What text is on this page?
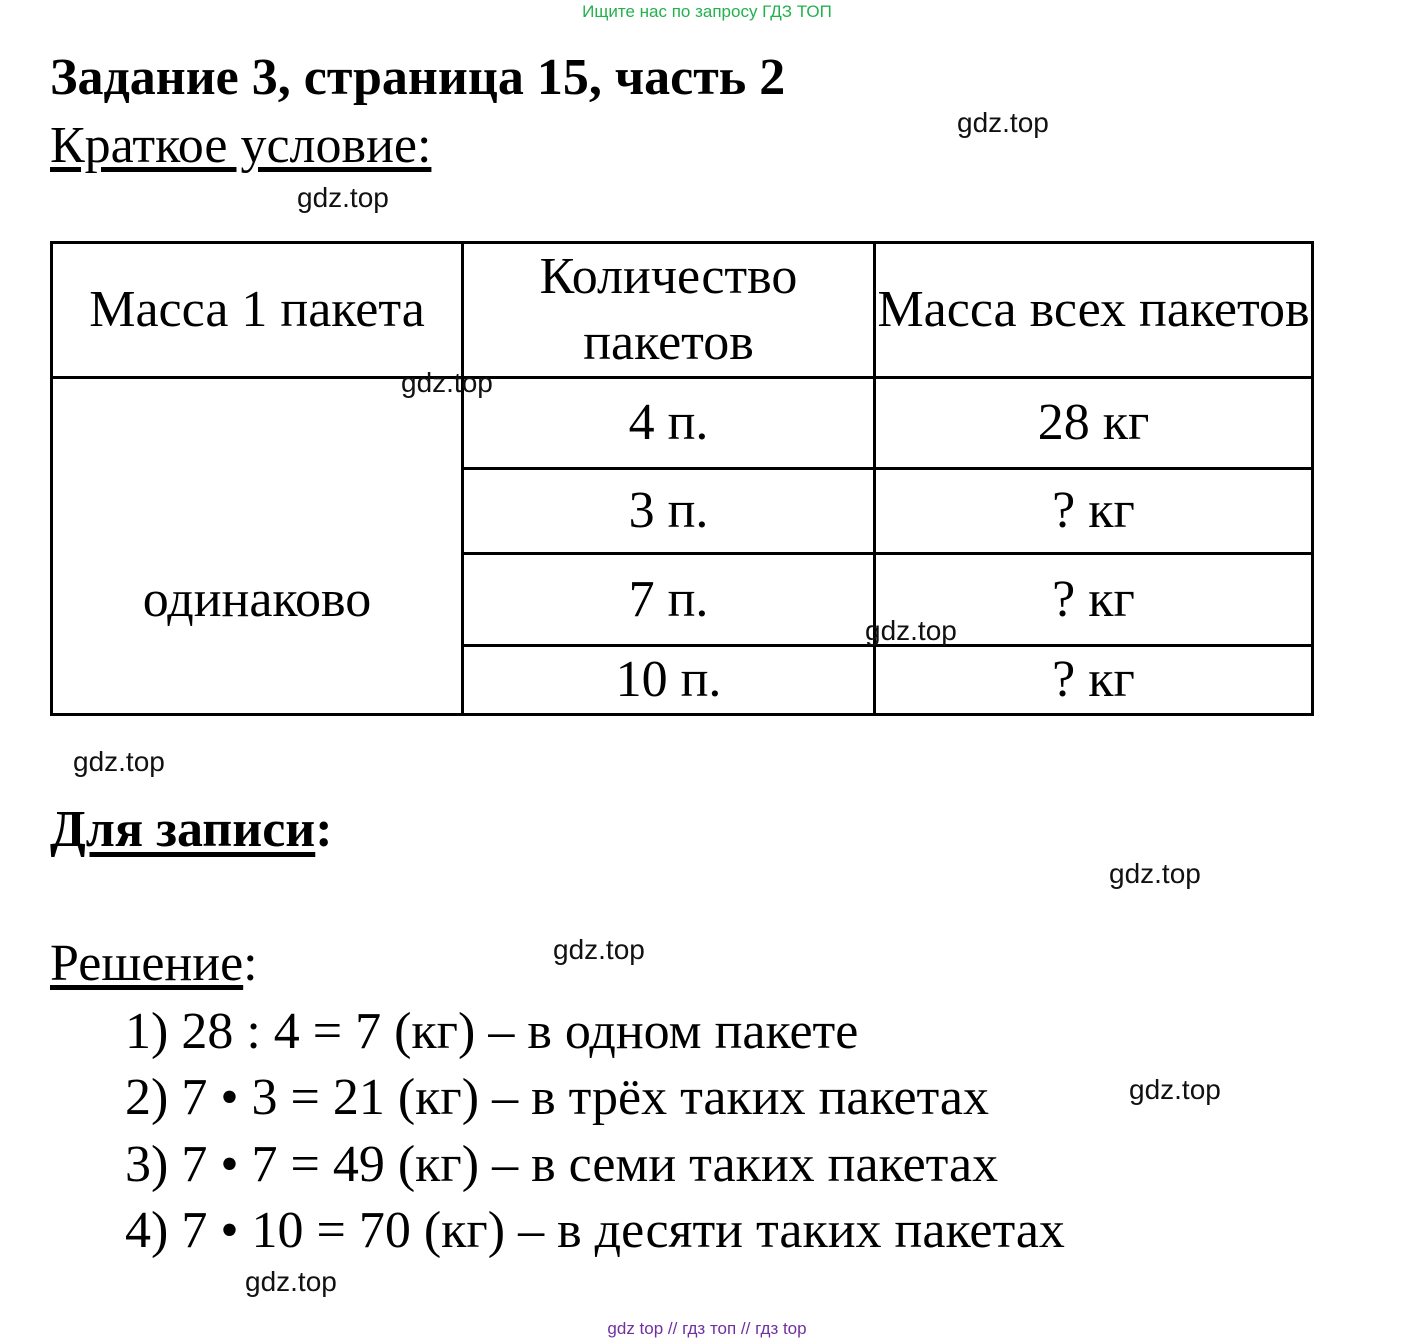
Ищите нас по запросу ГДЗ ТОП
Задание 3, страница 15, часть 2
Краткое условие:
Масса 1 пакета	Количество пакетов	Масса всех пакетов
одинаково	4 п.	28 кг
	3 п.	? кг
	7 п.	? кг
	10 п.	? кг
Для записи:
Решение:
1) 28 : 4 = 7 (кг) – в одном пакете
2) 7 • 3 = 21 (кг) – в трёх таких пакетах
3) 7 • 7 = 49 (кг) – в семи таких пакетах
4) 7 • 10 = 70 (кг) – в десяти таких пакетах
gdz.top
gdz.top
gdz.top
gdz.top
gdz.top
gdz.top
gdz.top
gdz.top
gdz.top
gdz top // гдз топ // гдз top
